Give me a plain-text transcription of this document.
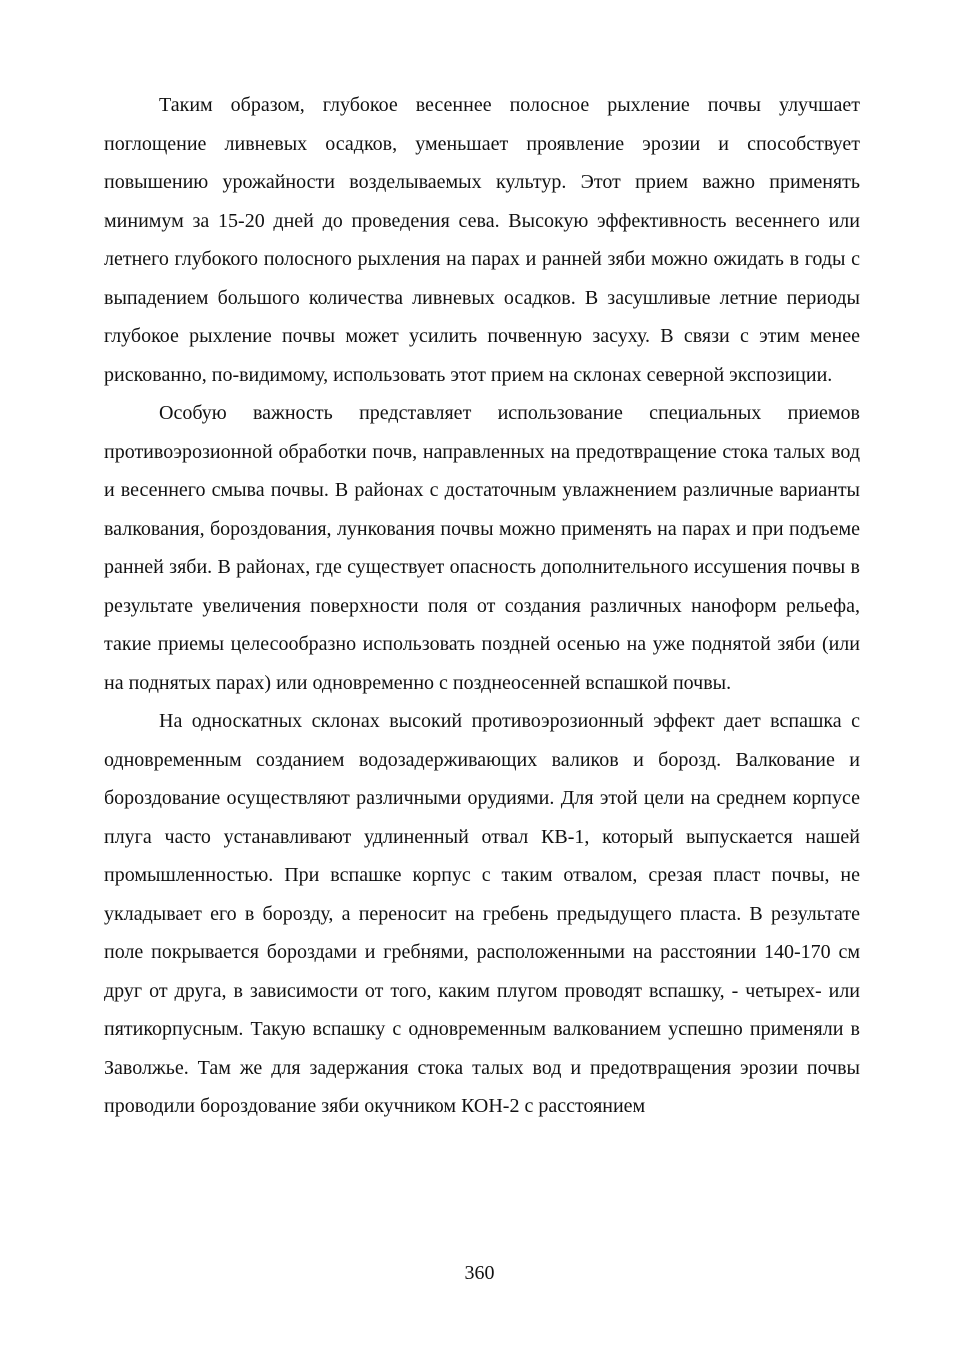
Таким образом, глубокое весеннее полосное рыхление почвы улучшает поглощение ливневых осадков, уменьшает проявление эрозии и способствует повышению урожайности возделываемых культур. Этот прием важно применять минимум за 15-20 дней до проведения сева. Высокую эффективность весеннего или летнего глубокого полосного рыхления на парах и ранней зяби можно ожидать в годы с выпадением большого количества ливневых осадков. В засушливые летние периоды глубокое рыхление почвы может усилить почвенную засуху. В связи с этим менее рискованно, по-видимому, использовать этот прием на склонах северной экспозиции.

Особую важность представляет использование специальных приемов противоэрозионной обработки почв, направленных на предотвращение стока талых вод и весеннего смыва почвы. В районах с достаточным увлажнением различные варианты валкования, бороздования, лункования почвы можно применять на парах и при подъеме ранней зяби. В районах, где существует опасность дополнительного иссушения почвы в результате увеличения поверхности поля от создания различных наноформ рельефа, такие приемы целесообразно использовать поздней осенью на уже поднятой зяби (или на поднятых парах) или одновременно с позднеосенней вспашкой почвы.

На односкатных склонах высокий противоэрозионный эффект дает вспашка с одновременным созданием водозадерживающих валиков и борозд. Валкование и бороздование осуществляют различными орудиями. Для этой цели на среднем корпусе плуга часто устанавливают удлиненный отвал КВ-1, который выпускается нашей промышленностью. При вспашке корпус с таким отвалом, срезая пласт почвы, не укладывает его в борозду, а переносит на гребень предыдущего пласта. В результате поле покрывается бороздами и гребнями, расположенными на расстоянии 140-170 см друг от друга, в зависимости от того, каким плугом проводят вспашку, - четырех- или пятикорпусным. Такую вспашку с одновременным валкованием успешно применяли в Заволжье. Там же для задержания стока талых вод и предотвращения эрозии почвы проводили бороздование зяби окучником КОН-2 с расстоянием

360
